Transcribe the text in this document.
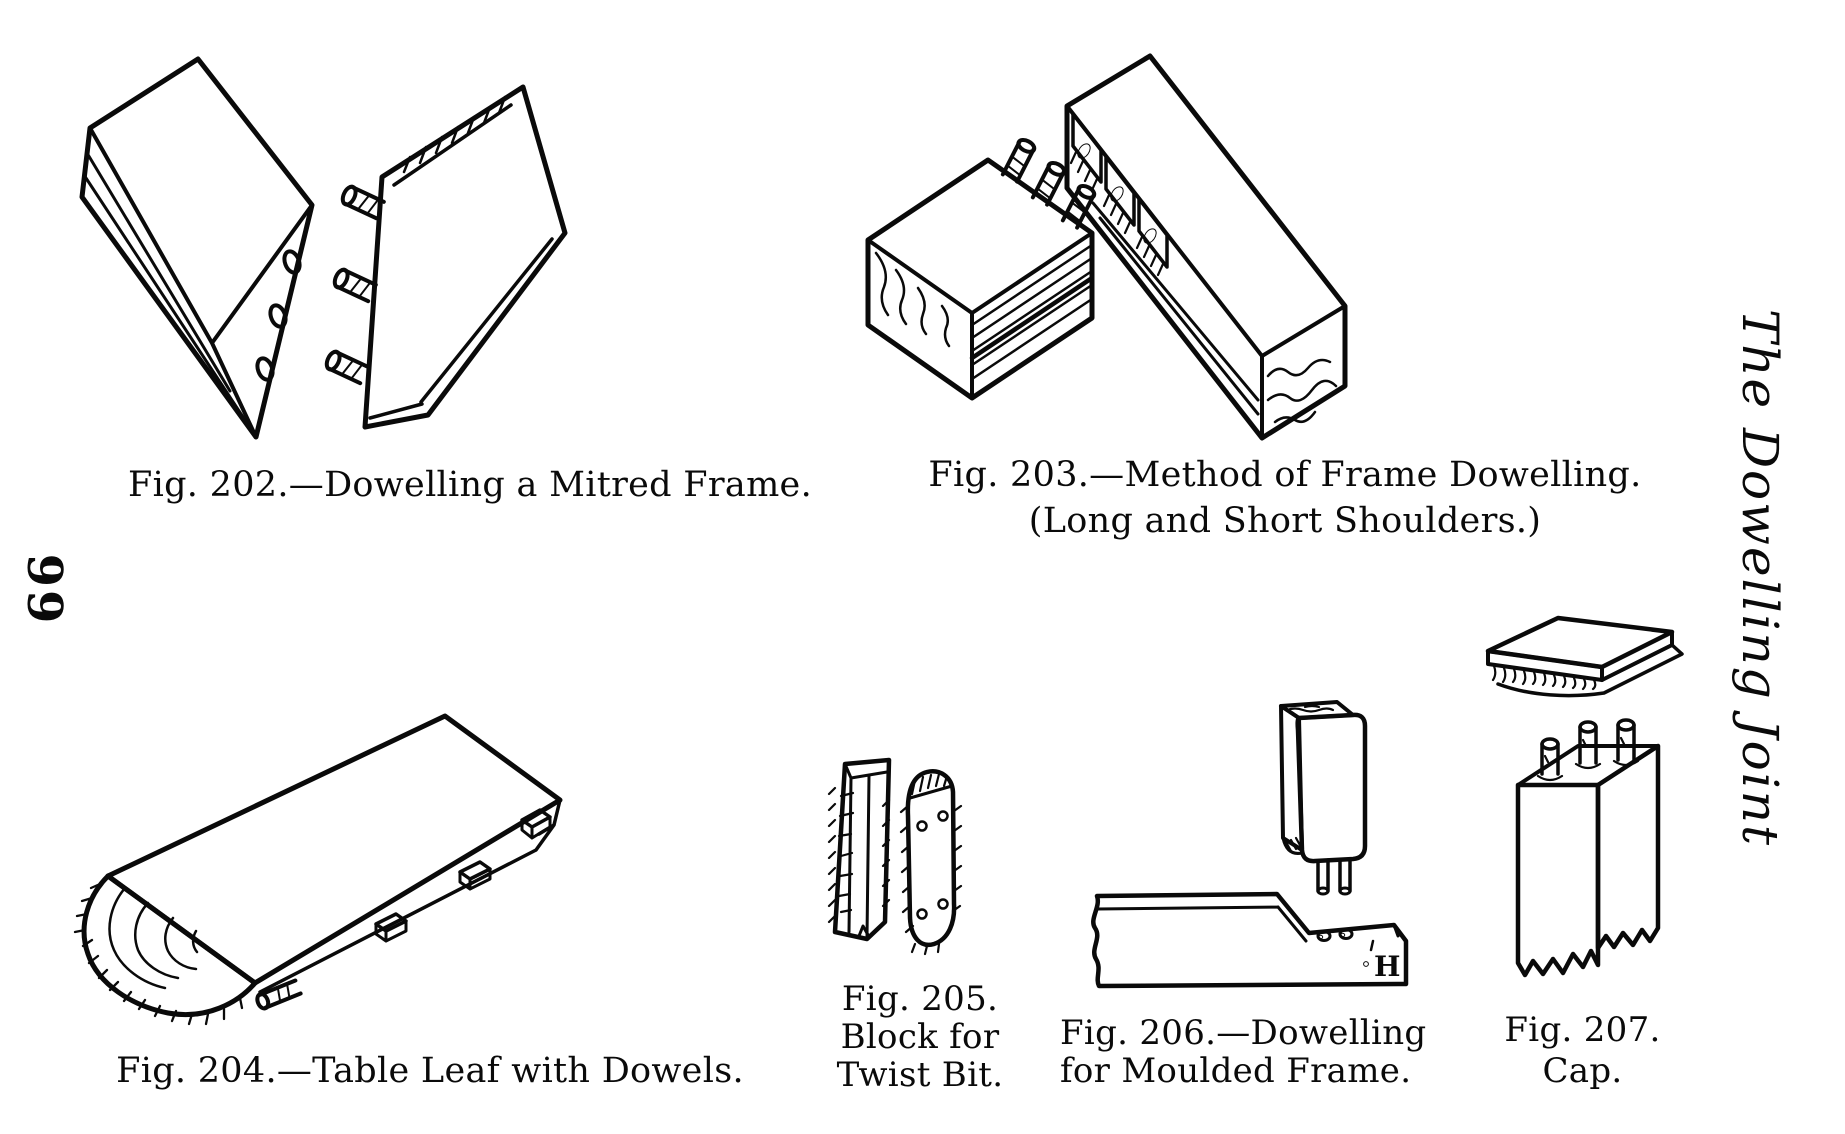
Fig. 202.—Dowelling a Mitred Frame.	Fig. 203.—Method of Frame Dowelling.
(Long and Short Shoulders.)
Fig. 204.—Table Leaf with Dowels.
Fig. 205.
Block for
Twist Bit.
H
Fig. 206.—Dowelling
for Moulded Frame.
Fig. 207.
Cap.
99	The Dowelling Joint
